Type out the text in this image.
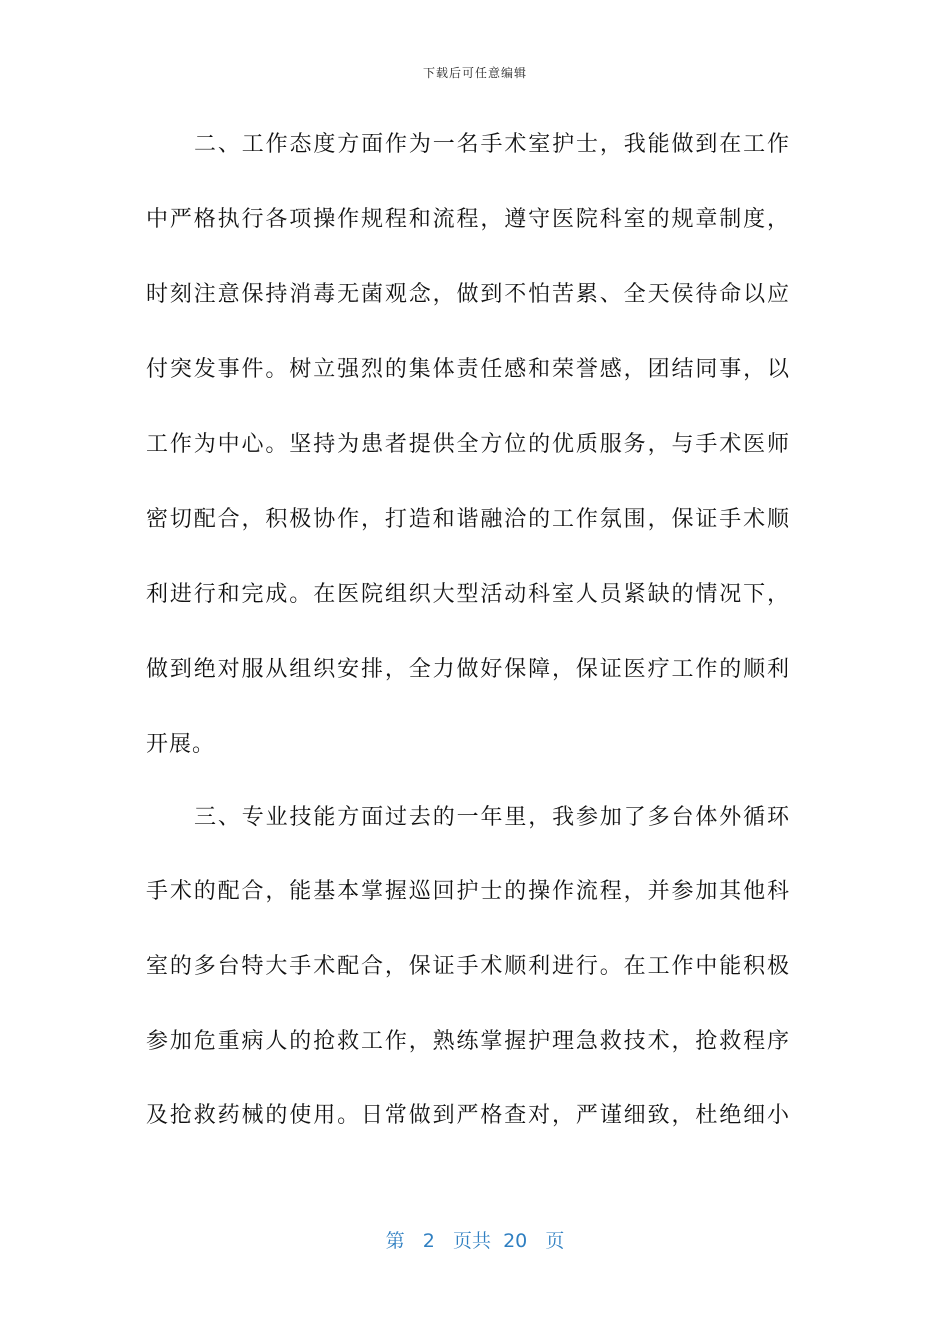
下载后可任意编辑
二、工作态度方面作为一名手术室护士，我能做到在工作
中严格执行各项操作规程和流程，遵守医院科室的规章制度，
时刻注意保持消毒无菌观念，做到不怕苦累、全天侯待命以应
付突发事件。树立强烈的集体责任感和荣誉感，团结同事，以
工作为中心。坚持为患者提供全方位的优质服务，与手术医师
密切配合，积极协作，打造和谐融洽的工作氛围，保证手术顺
利进行和完成。在医院组织大型活动科室人员紧缺的情况下，
做到绝对服从组织安排，全力做好保障，保证医疗工作的顺利
开展。
三、专业技能方面过去的一年里，我参加了多台体外循环
手术的配合，能基本掌握巡回护士的操作流程，并参加其他科
室的多台特大手术配合，保证手术顺利进行。在工作中能积极
参加危重病人的抢救工作，熟练掌握护理急救技术，抢救程序
及抢救药械的使用。日常做到严格查对，严谨细致，杜绝细小
第 2 页共 20 页
